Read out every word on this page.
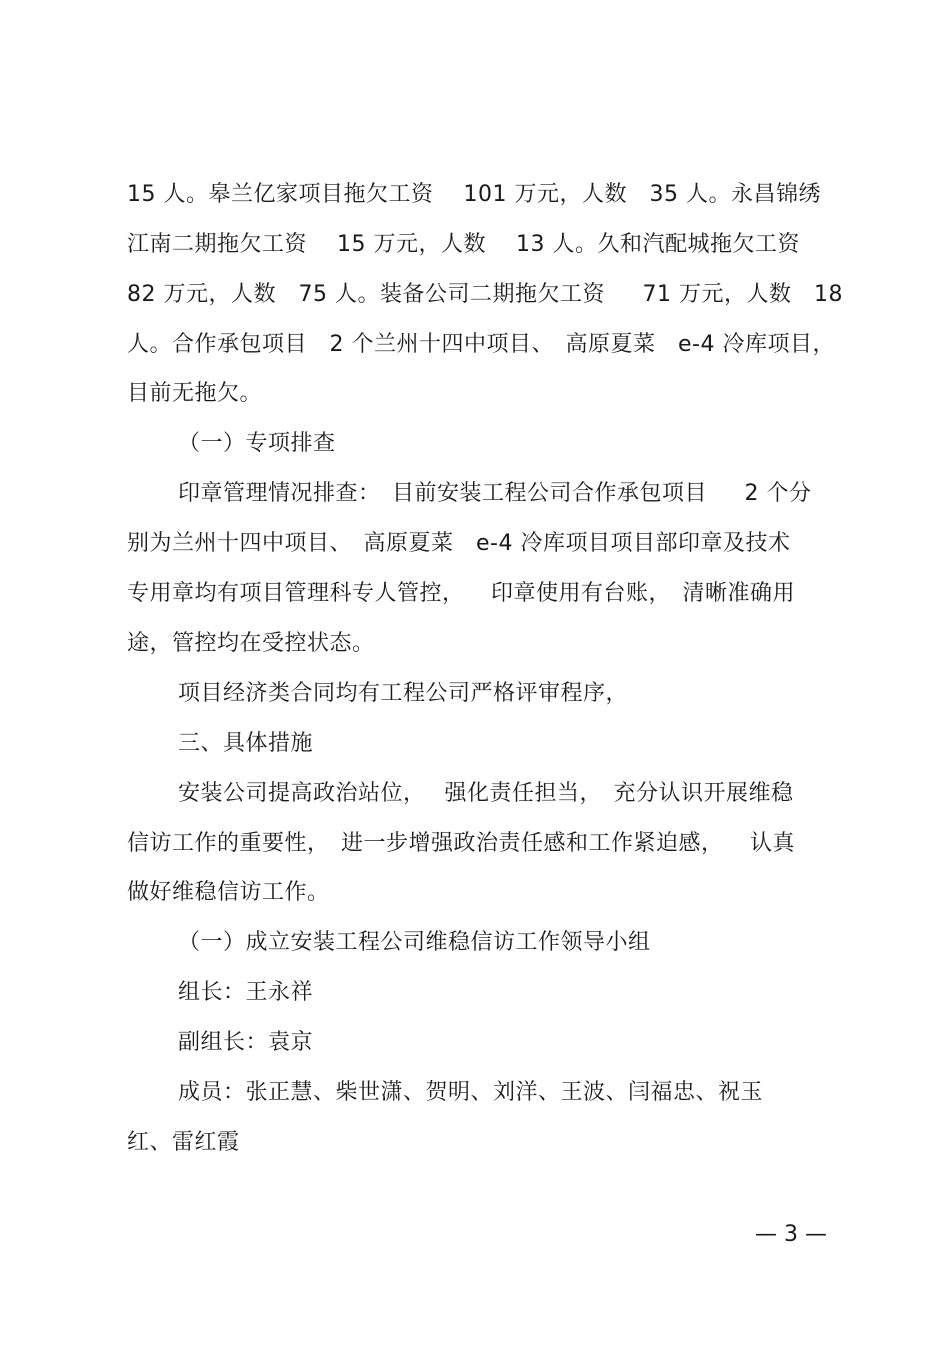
15 人。皋兰亿家项目拖欠工资　 101 万元，人数　35 人。永昌锦绣
江南二期拖欠工资　 15 万元，人数　 13 人。久和汽配城拖欠工资
82 万元，人数　75 人。装备公司二期拖欠工资　  71 万元，人数　18
人。合作承包项目　2 个兰州十四中项目、　高原夏菜　e-4 冷库项目，
目前无拖欠。
（一）专项排查
印章管理情况排查：　目前安装工程公司合作承包项目　  2 个分
别为兰州十四中项目、　高原夏菜　e-4 冷库项目项目部印章及技术
专用章均有项目管理科专人管控，　  印章使用有台账，　清晰准确用
途，管控均在受控状态。
项目经济类合同均有工程公司严格评审程序，
三、具体措施
安装公司提高政治站位，　 强化责任担当，　充分认识开展维稳
信访工作的重要性，　进一步增强政治责任感和工作紧迫感，　  认真
做好维稳信访工作。
（一）成立安装工程公司维稳信访工作领导小组
组长：王永祥
副组长：袁京
成员：张正慧、柴世潇、贺明、刘洋、王波、闫福忠、祝玉
红、雷红霞
— 3 —
